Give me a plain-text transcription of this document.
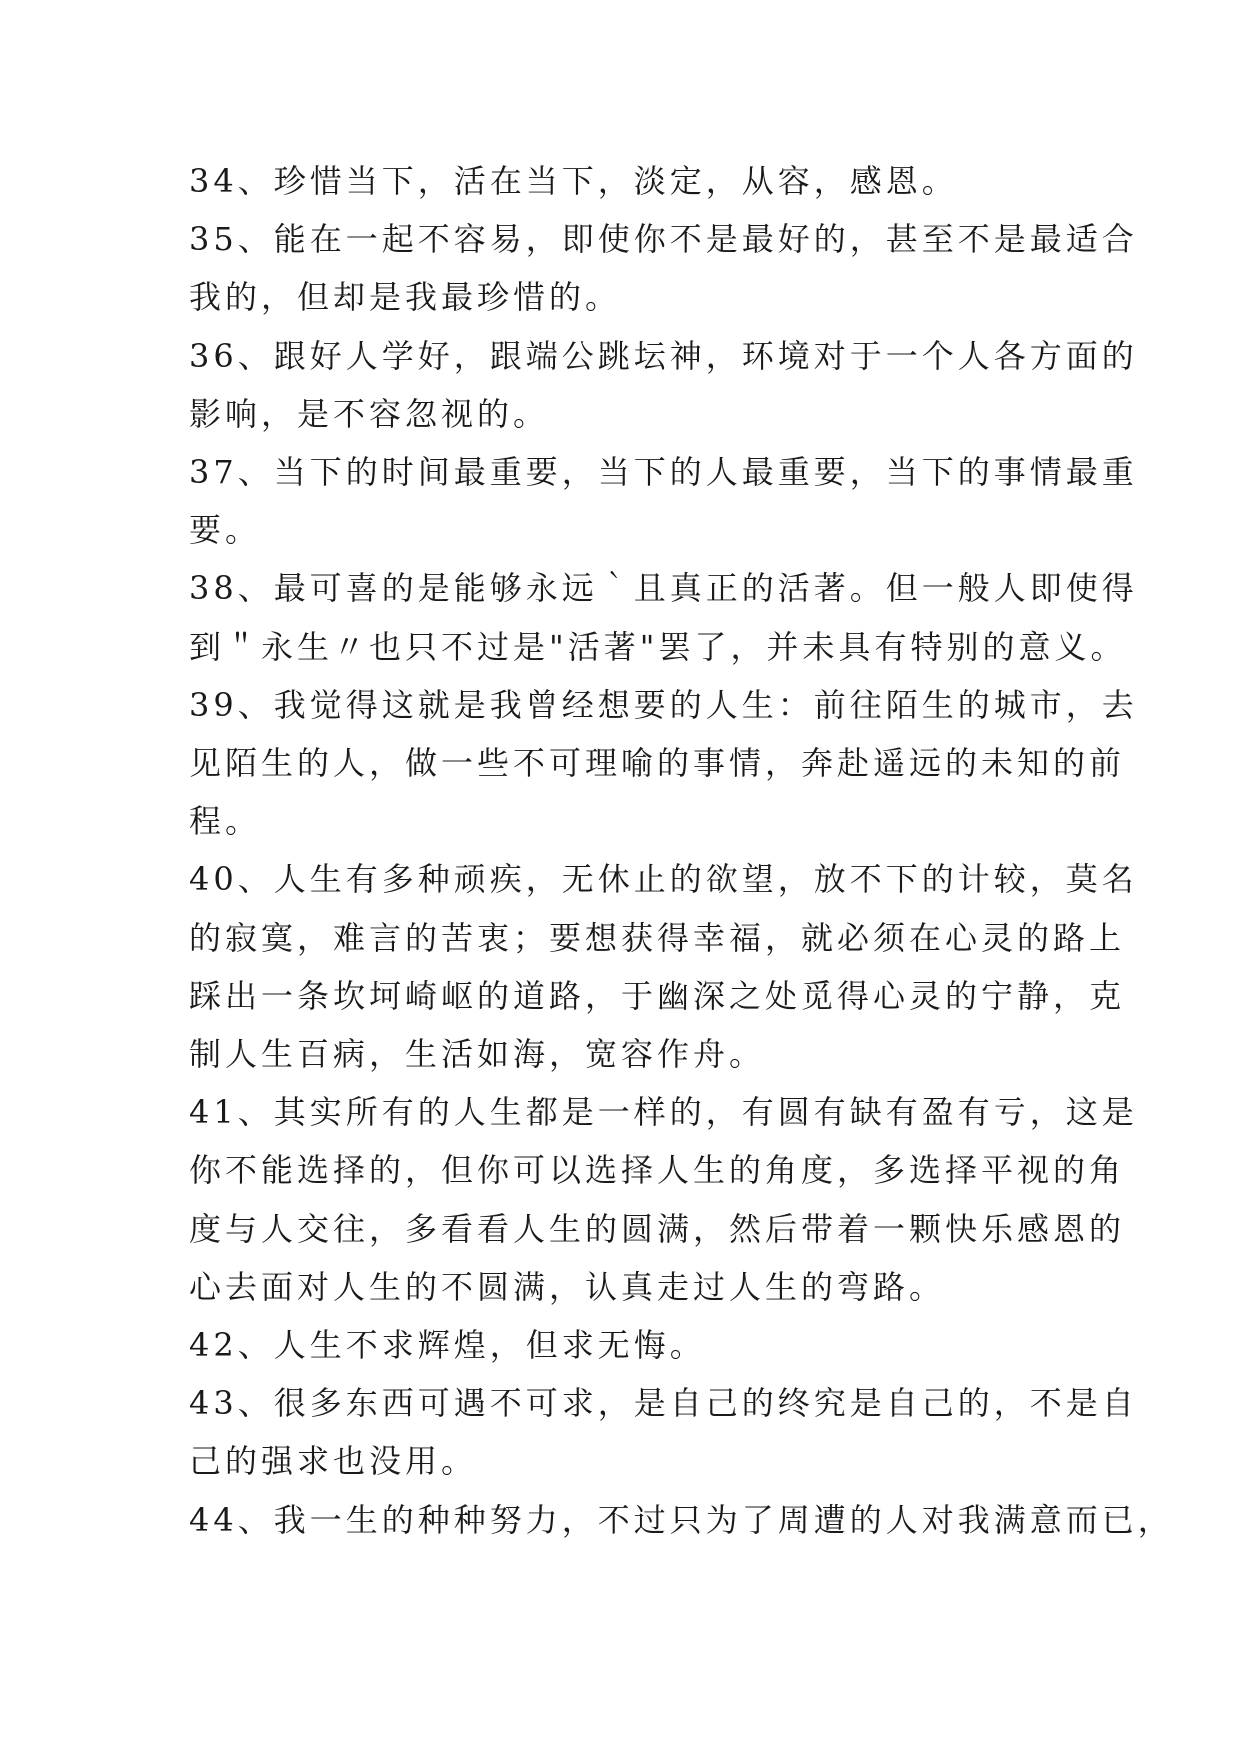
34、珍惜当下，活在当下，淡定，从容，感恩。

35、能在一起不容易，即使你不是最好的，甚至不是最适合
我的，但却是我最珍惜的。

36、跟好人学好，跟端公跳坛神，环境对于一个人各方面的
影响，是不容忽视的。

37、当下的时间最重要，当下的人最重要，当下的事情最重
要。

38、最可喜的是能够永远｀且真正的活著。但一般人即使得
到＂永生〃也只不过是"活著"罢了，并未具有特别的意义。

39、我觉得这就是我曾经想要的人生：前往陌生的城市，去
见陌生的人，做一些不可理喻的事情，奔赴遥远的未知的前
程。

40、人生有多种顽疾，无休止的欲望，放不下的计较，莫名
的寂寞，难言的苦衷；要想获得幸福，就必须在心灵的路上
踩出一条坎坷崎岖的道路，于幽深之处觅得心灵的宁静，克
制人生百病，生活如海，宽容作舟。

41、其实所有的人生都是一样的，有圆有缺有盈有亏，这是
你不能选择的，但你可以选择人生的角度，多选择平视的角
度与人交往，多看看人生的圆满，然后带着一颗快乐感恩的
心去面对人生的不圆满，认真走过人生的弯路。

42、人生不求辉煌，但求无悔。

43、很多东西可遇不可求，是自己的终究是自己的，不是自
己的强求也没用。

44、我一生的种种努力，不过只为了周遭的人对我满意而已，
